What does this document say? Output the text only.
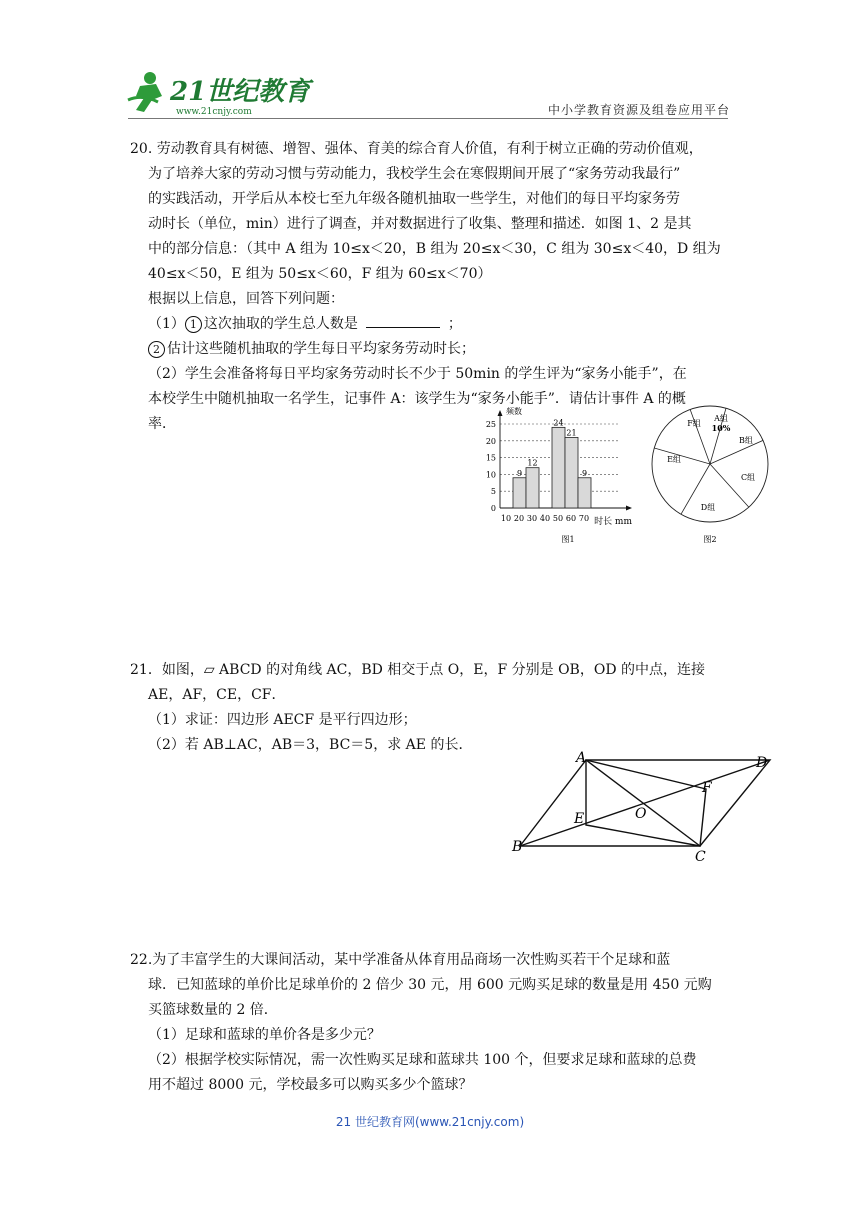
21世纪教育
www.21cnjy.com	中小学教育资源及组卷应用平台

20. 劳动教育具有树德、增智、强体、育美的综合育人价值，有利于树立正确的劳动价值观，

为了培养大家的劳动习惯与劳动能力，我校学生会在寒假期间开展了“家务劳动我最行”

的实践活动，开学后从本校七至九年级各随机抽取一些学生，对他们的每日平均家务劳

动时长（单位，min）进行了调查，并对数据进行了收集、整理和描述．如图 1、2 是其

中的部分信息：（其中 A 组为 10≤x＜20，B 组为 20≤x＜30，C 组为 30≤x＜40，D 组为

40≤x＜50，E 组为 50≤x＜60，F 组为 60≤x＜70）

根据以上信息，回答下列问题：

（1） 1 这次抽取的学生总人数是	；

2 估计这些随机抽取的学生每日平均家务劳动时长；

（2）学生会准备将每日平均家务劳动时长不少于 50min 的学生评为“家务小能手”，在

本校学生中随机抽取一名学生，记事件 A：该学生为“家务小能手”．请估计事件 A 的概

率．

0
5
10
15
20
25
9
12
24
21
9
10 20 30 40 50 60 70
频数
时长 mm
图1
A组
10%
B组
C组
D组
E组
F组
图2

21．如图，▱ ABCD 的对角线 AC，BD 相交于点 O，E，F 分别是 OB，OD 的中点，连接

AE，AF，CE，CF．

（1）求证：四边形 AECF 是平行四边形；

（2）若 AB⊥AC，AB＝3，BC＝5，求 AE 的长．

A
B
C
D
E
F
O

22.为了丰富学生的大课间活动，某中学准备从体育用品商场一次性购买若干个足球和蓝

球．已知蓝球的单价比足球单价的 2 倍少 30 元，用 600 元购买足球的数量是用 450 元购

买篮球数量的 2 倍．

（1）足球和蓝球的单价各是多少元？

（2）根据学校实际情况，需一次性购买足球和蓝球共 100 个，但要求足球和蓝球的总费

用不超过 8000 元，学校最多可以购买多少个篮球？

21 世纪教育网(www.21cnjy.com)
